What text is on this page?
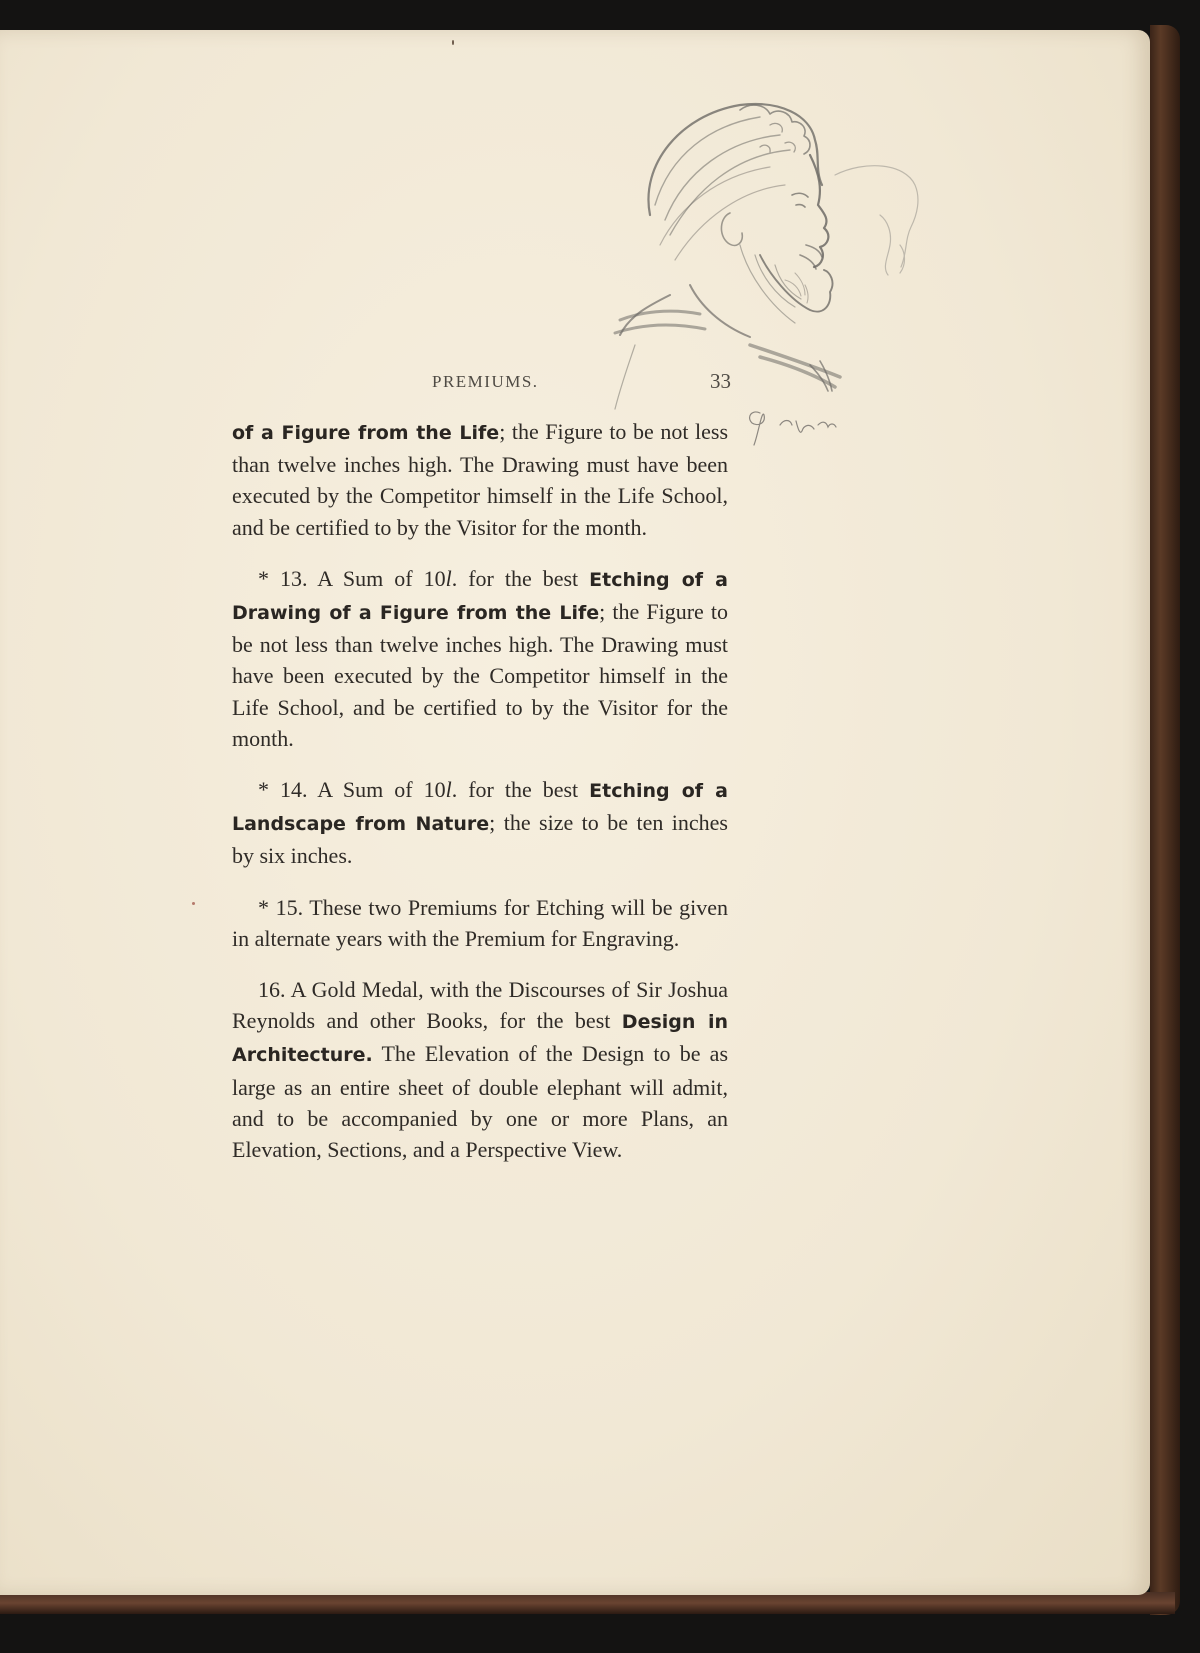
PREMIUMS.	33

of a Figure from the Life; the Figure to be not less than twelve inches high. The Drawing must have been executed by the Competitor himself in the Life School, and be certified to by the Visitor for the month.

* 13. A Sum of 10l. for the best Etching of a Drawing of a Figure from the Life; the Figure to be not less than twelve inches high. The Drawing must have been executed by the Competitor himself in the Life School, and be certified to by the Visitor for the month.

* 14. A Sum of 10l. for the best Etching of a Landscape from Nature; the size to be ten inches by six inches.

* 15. These two Premiums for Etching will be given in alternate years with the Premium for Engraving.

16. A Gold Medal, with the Discourses of Sir Joshua Reynolds and other Books, for the best Design in Architecture. The Elevation of the Design to be as large as an entire sheet of double elephant will admit, and to be accompanied by one or more Plans, an Elevation, Sections, and a Perspective View.
